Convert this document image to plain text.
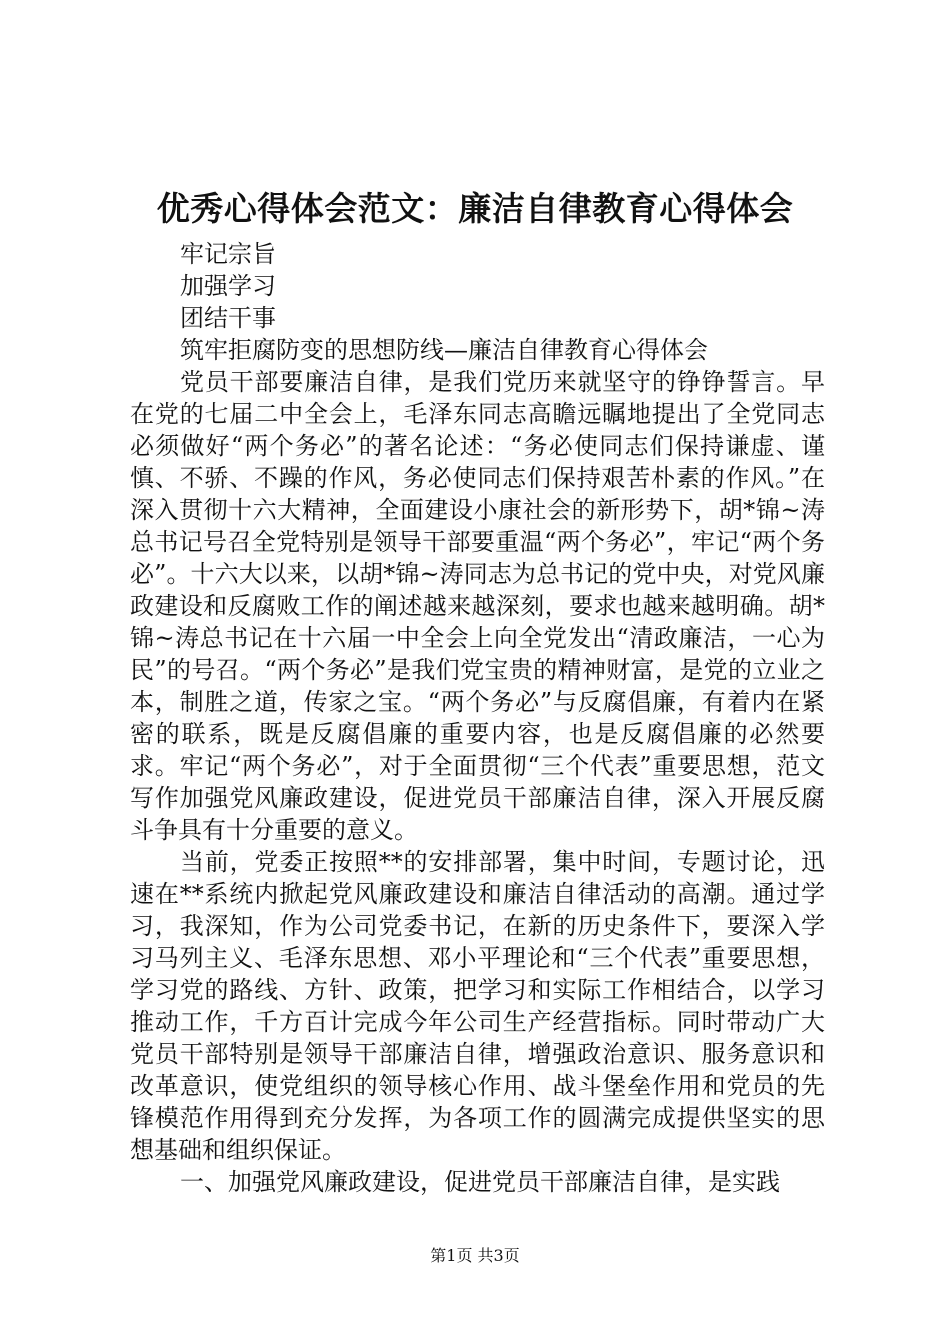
优秀心得体会范文：廉洁自律教育心得体会

牢记宗旨

加强学习

团结干事

筑牢拒腐防变的思想防线—廉洁自律教育心得体会

党员干部要廉洁自律，是我们党历来就坚守的铮铮誓言。早在党的七届二中全会上，毛泽东同志高瞻远瞩地提出了全党同志必须做好“两个务必”的著名论述：“务必使同志们保持谦虚、谨慎、不骄、不躁的作风，务必使同志们保持艰苦朴素的作风。”在深入贯彻十六大精神，全面建设小康社会的新形势下，胡*锦~涛总书记号召全党特别是领导干部要重温“两个务必”，牢记“两个务必”。十六大以来，以胡*锦~涛同志为总书记的党中央，对党风廉政建设和反腐败工作的阐述越来越深刻，要求也越来越明确。胡*锦~涛总书记在十六届一中全会上向全党发出“清政廉洁，一心为民”的号召。“两个务必”是我们党宝贵的精神财富，是党的立业之本，制胜之道，传家之宝。“两个务必”与反腐倡廉，有着内在紧密的联系，既是反腐倡廉的重要内容，也是反腐倡廉的必然要求。牢记“两个务必”，对于全面贯彻“三个代表”重要思想，范文写作加强党风廉政建设，促进党员干部廉洁自律，深入开展反腐斗争具有十分重要的意义。

当前，党委正按照**的安排部署，集中时间，专题讨论，迅速在**系统内掀起党风廉政建设和廉洁自律活动的高潮。通过学习，我深知，作为公司党委书记，在新的历史条件下，要深入学习马列主义、毛泽东思想、邓小平理论和“三个代表”重要思想，学习党的路线、方针、政策，把学习和实际工作相结合，以学习推动工作，千方百计完成今年公司生产经营指标。同时带动广大党员干部特别是领导干部廉洁自律，增强政治意识、服务意识和改革意识，使党组织的领导核心作用、战斗堡垒作用和党员的先锋模范作用得到充分发挥，为各项工作的圆满完成提供坚实的思想基础和组织保证。

一、加强党风廉政建设，促进党员干部廉洁自律，是实践

第1页 共3页
